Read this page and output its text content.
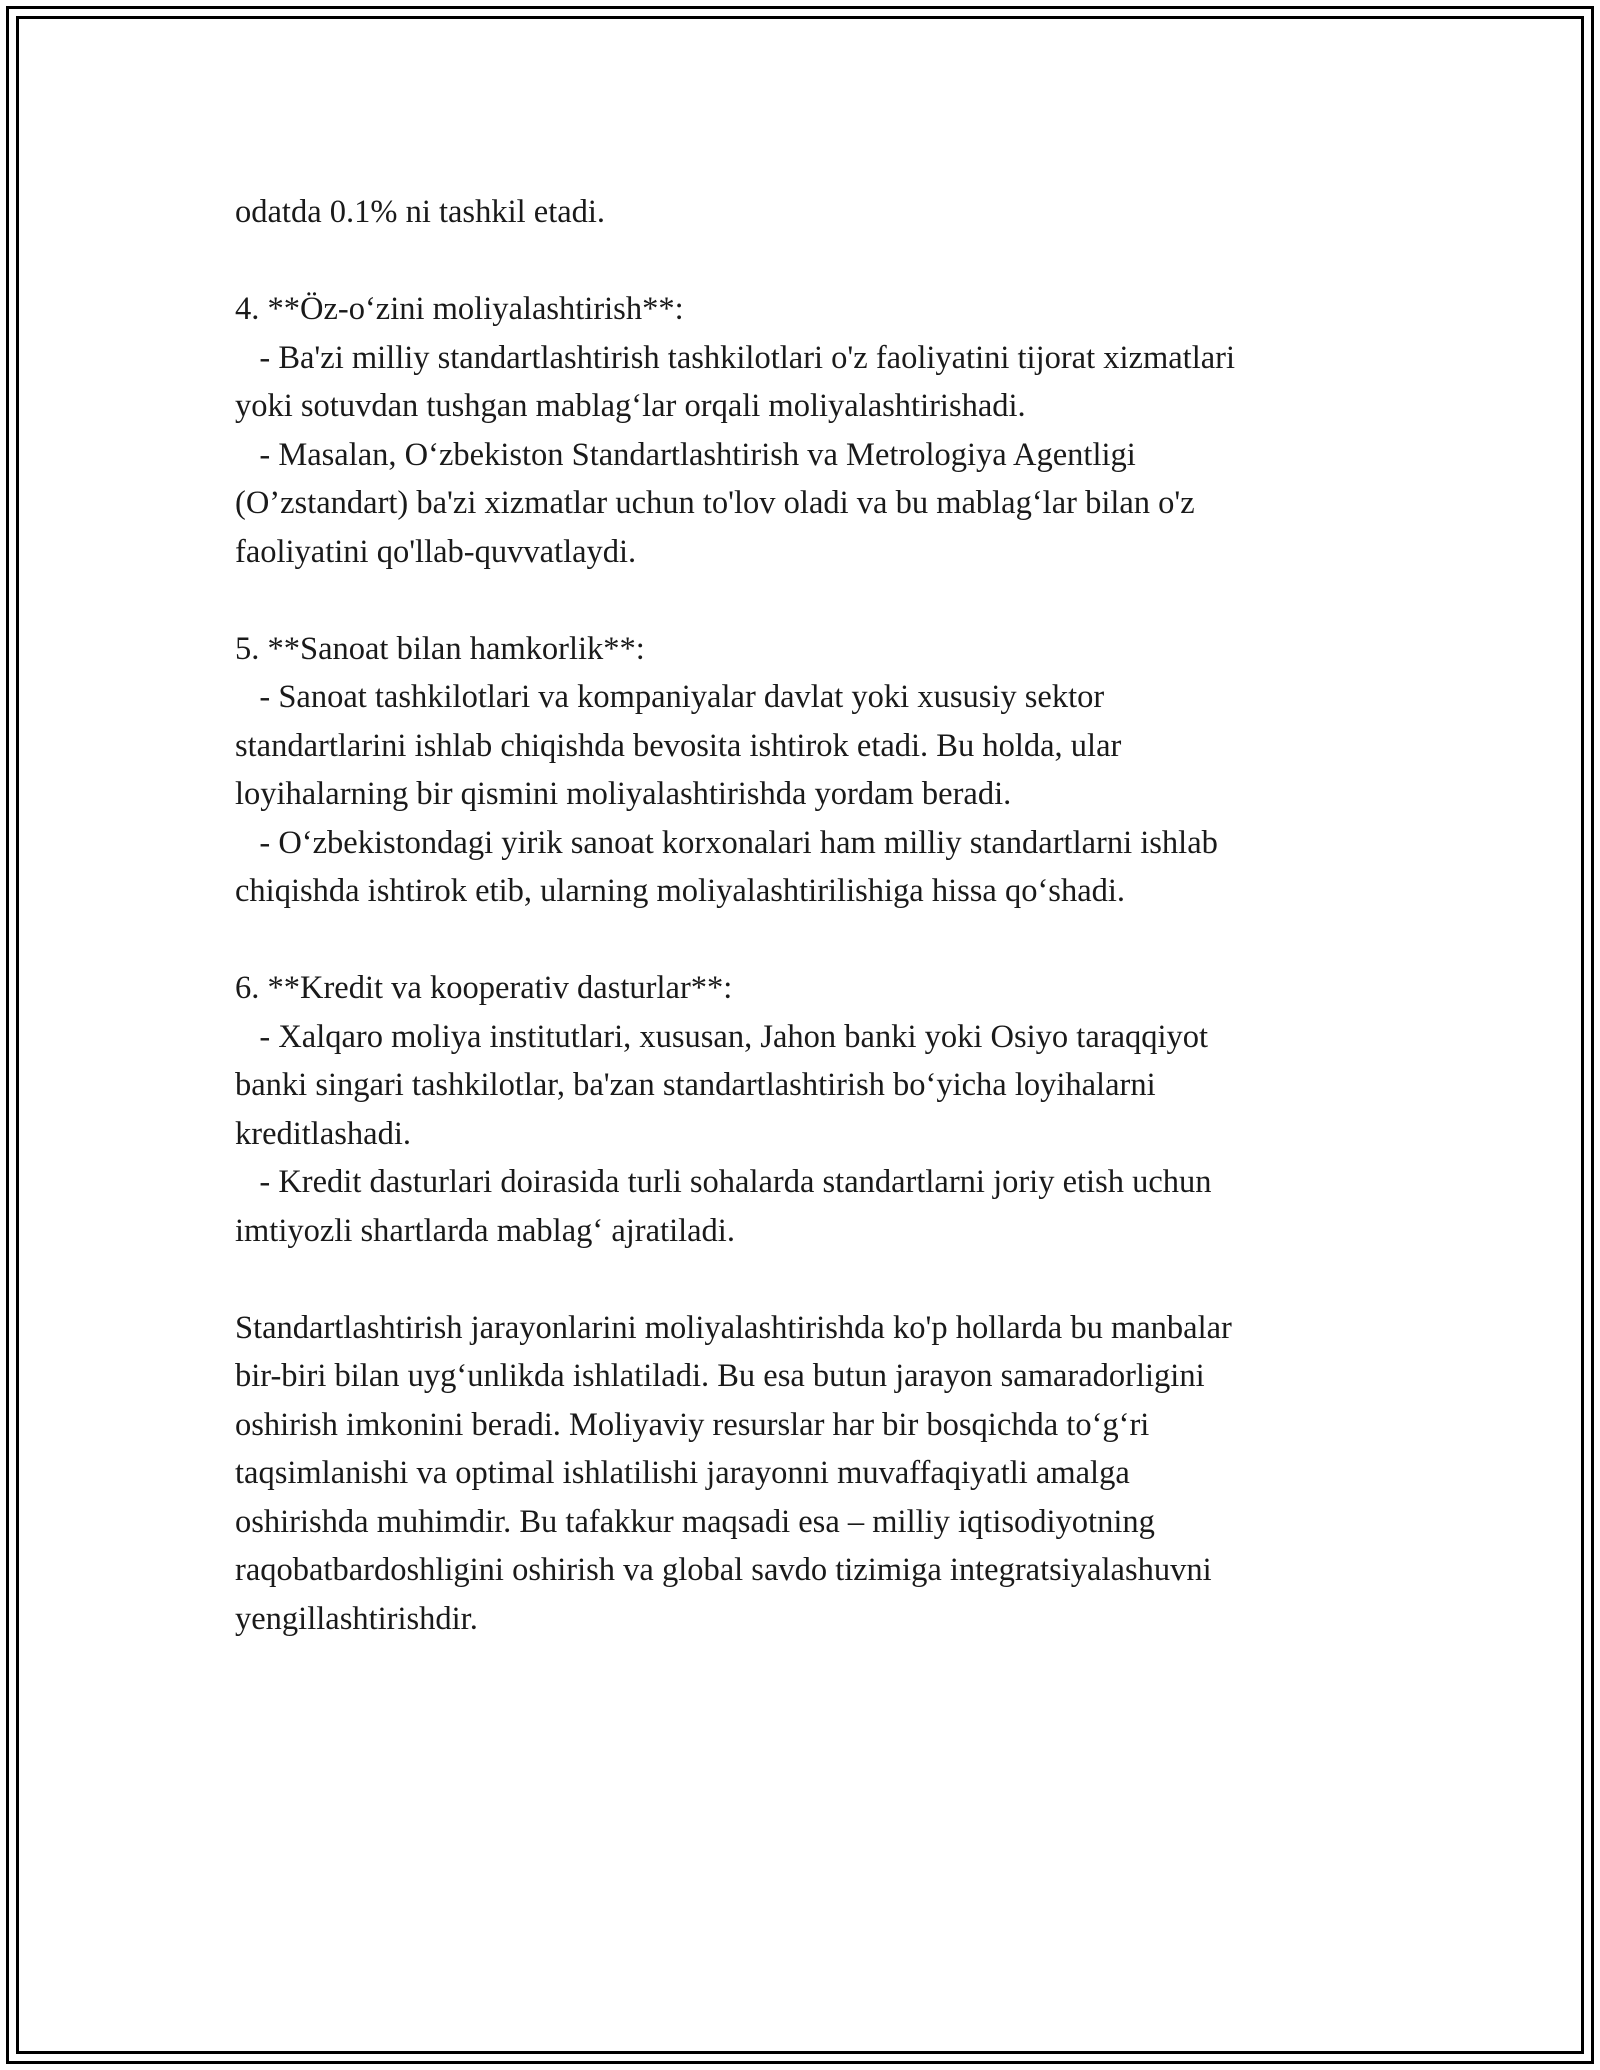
odatda 0.1% ni tashkil etadi.
4. **Öz-o‘zini moliyalashtirish**:
- Ba'zi milliy standartlashtirish tashkilotlari o'z faoliyatini tijorat xizmatlari
yoki sotuvdan tushgan mablag‘lar orqali moliyalashtirishadi.
- Masalan, O‘zbekiston Standartlashtirish va Metrologiya Agentligi
(O’zstandart) ba'zi xizmatlar uchun to'lov oladi va bu mablag‘lar bilan o'z
faoliyatini qo'llab-quvvatlaydi.
5. **Sanoat bilan hamkorlik**:
- Sanoat tashkilotlari va kompaniyalar davlat yoki xususiy sektor
standartlarini ishlab chiqishda bevosita ishtirok etadi. Bu holda, ular
loyihalarning bir qismini moliyalashtirishda yordam beradi.
- O‘zbekistondagi yirik sanoat korxonalari ham milliy standartlarni ishlab
chiqishda ishtirok etib, ularning moliyalashtirilishiga hissa qo‘shadi.
6. **Kredit va kooperativ dasturlar**:
- Xalqaro moliya institutlari, xususan, Jahon banki yoki Osiyo taraqqiyot
banki singari tashkilotlar, ba'zan standartlashtirish bo‘yicha loyihalarni
kreditlashadi.
- Kredit dasturlari doirasida turli sohalarda standartlarni joriy etish uchun
imtiyozli shartlarda mablag‘ ajratiladi.
Standartlashtirish jarayonlarini moliyalashtirishda ko'p hollarda bu manbalar
bir-biri bilan uyg‘unlikda ishlatiladi. Bu esa butun jarayon samaradorligini
oshirish imkonini beradi. Moliyaviy resurslar har bir bosqichda to‘g‘ri
taqsimlanishi va optimal ishlatilishi jarayonni muvaffaqiyatli amalga
oshirishda muhimdir. Bu tafakkur maqsadi esa – milliy iqtisodiyotning
raqobatbardoshligini oshirish va global savdo tizimiga integratsiyalashuvni
yengillashtirishdir.
